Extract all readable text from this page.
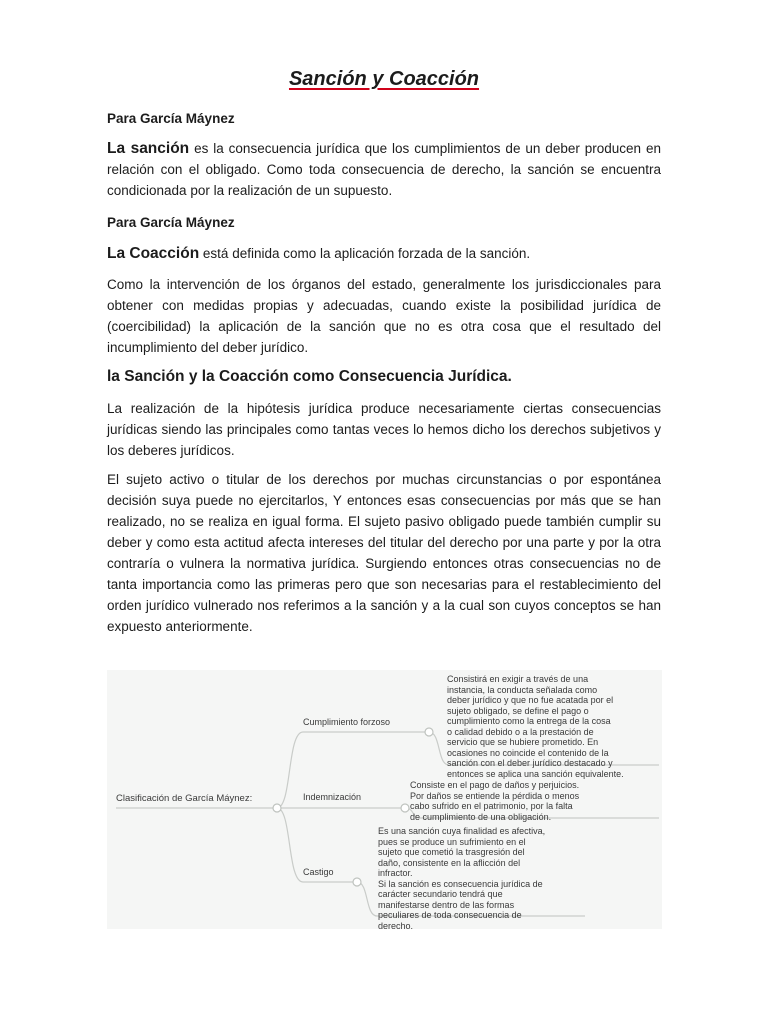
Sanción y Coacción

Para García Máynez

La sanción es la consecuencia jurídica que los cumplimientos de un deber producen en relación con el obligado. Como toda consecuencia de derecho, la sanción se encuentra condicionada por la realización de un supuesto.

Para García Máynez

La Coacción está definida como la aplicación forzada de la sanción.

Como la intervención de los órganos del estado, generalmente los jurisdiccionales para obtener con medidas propias y adecuadas, cuando existe la posibilidad jurídica de (coercibilidad) la aplicación de la sanción que no es otra cosa que el resultado del incumplimiento del deber jurídico.

la Sanción y la Coacción como Consecuencia Jurídica.

La realización de la hipótesis jurídica produce necesariamente ciertas consecuencias jurídicas siendo las principales como tantas veces lo hemos dicho los derechos subjetivos y los deberes jurídicos.

El sujeto activo o titular de los derechos por muchas circunstancias o por espontánea decisión suya puede no ejercitarlos, Y entonces esas consecuencias por más que se han realizado, no se realiza en igual forma. El sujeto pasivo obligado puede también cumplir su deber y como esta actitud afecta intereses del titular del derecho por una parte y por la otra contraría o vulnera la normativa jurídica. Surgiendo entonces otras consecuencias no de tanta importancia como las primeras pero que son necesarias para el restablecimiento del orden jurídico vulnerado nos referimos a la sanción y a la cual son cuyos conceptos se han expuesto anteriormente.

Clasificación de García Máynez:
Cumplimiento forzoso
Indemnización
Castigo
Consistirá en exigir a través de una
instancia, la conducta señalada como
deber jurídico y que no fue acatada por el
sujeto obligado, se define el pago o
cumplimiento como la entrega de la cosa
o calidad debido o a la prestación de
servicio que se hubiere prometido. En
ocasiones no coincide el contenido de la
sanción con el deber jurídico destacado y
entonces se aplica una sanción equivalente.
Consiste en el pago de daños y perjuicios.
Por daños se entiende la pérdida o menos
cabo sufrido en el patrimonio, por la falta
de cumplimiento de una obligación.
Es una sanción cuya finalidad es afectiva,
pues se produce un sufrimiento en el
sujeto que cometió la trasgresión del
daño, consistente en la aflicción del
infractor.
Si la sanción es consecuencia jurídica de
carácter secundario tendrá que
manifestarse dentro de las formas
peculiares de toda consecuencia de
derecho.
